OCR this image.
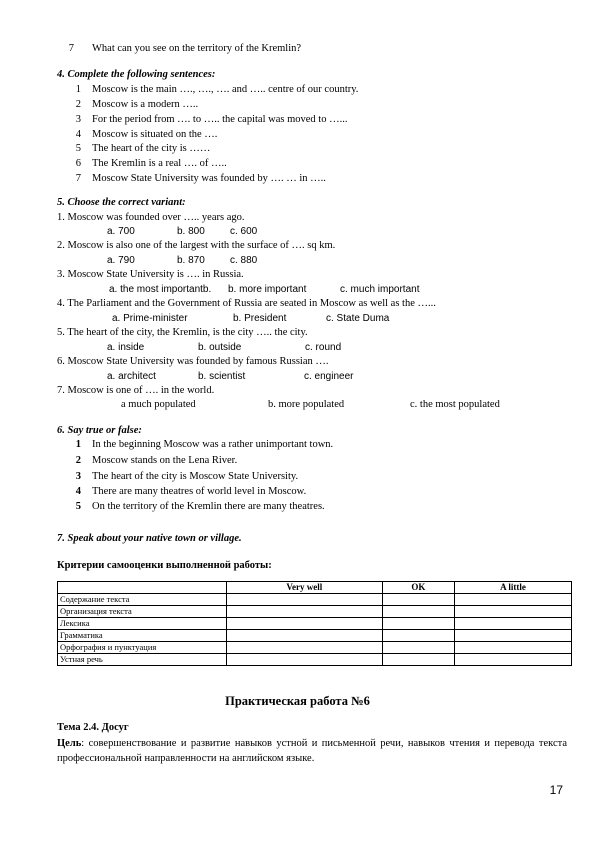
7 What can you see on the territory of the Kremlin?
4. Complete the following sentences:
1 Moscow is the main …., …., …. and ….. centre of our country.
2 Moscow is a modern …..
3 For the period from …. to ….. the capital was moved to …...
4 Moscow is situated on the ….
5 The heart of the city is ……
6 The Kremlin is a real …. of …..
7 Moscow State University was founded by …. … in …..
5. Choose the correct variant:
1. Moscow was founded over ….. years ago.
a. 700	b. 800	c. 600
2. Moscow is also one of the largest with the surface of …. sq km.
a. 790	b. 870	c. 880
3. Moscow State University is …. in Russia.
a. the most importantb. b. more important	c. much important
4. The Parliament and the Government of Russia are seated in Moscow as well as the …...
a. Prime-minister	b. President	c. State Duma
5. The heart of the city, the Kremlin, is the city ….. the city.
a. inside	b. outside	c. round
6. Moscow State University was founded by famous Russian ….
a. architect	b. scientist	c. engineer
7. Moscow is one of …. in the world.
a much populated	b. more populated	c. the most populated
6. Say true or false:
1 In the beginning Moscow was a rather unimportant town.
2 Moscow stands on the Lena River.
3 The heart of the city is Moscow State University.
4 There are many theatres of world level in Moscow.
5 On the territory of the Kremlin there are many theatres.
7. Speak about your native town or village.
Критерии самооценки выполненной работы:
	Very well	OK	A little
Содержание текста			
Организация текста			
Лексика			
Грамматика			
Орфография и пунктуация			
Устная речь			
Практическая работа №6
Тема 2.4. Досуг
Цель: совершенствование и развитие навыков устной и письменной речи, навыков чтения и перевода текста профессиональной направленности на английском языке.
17
